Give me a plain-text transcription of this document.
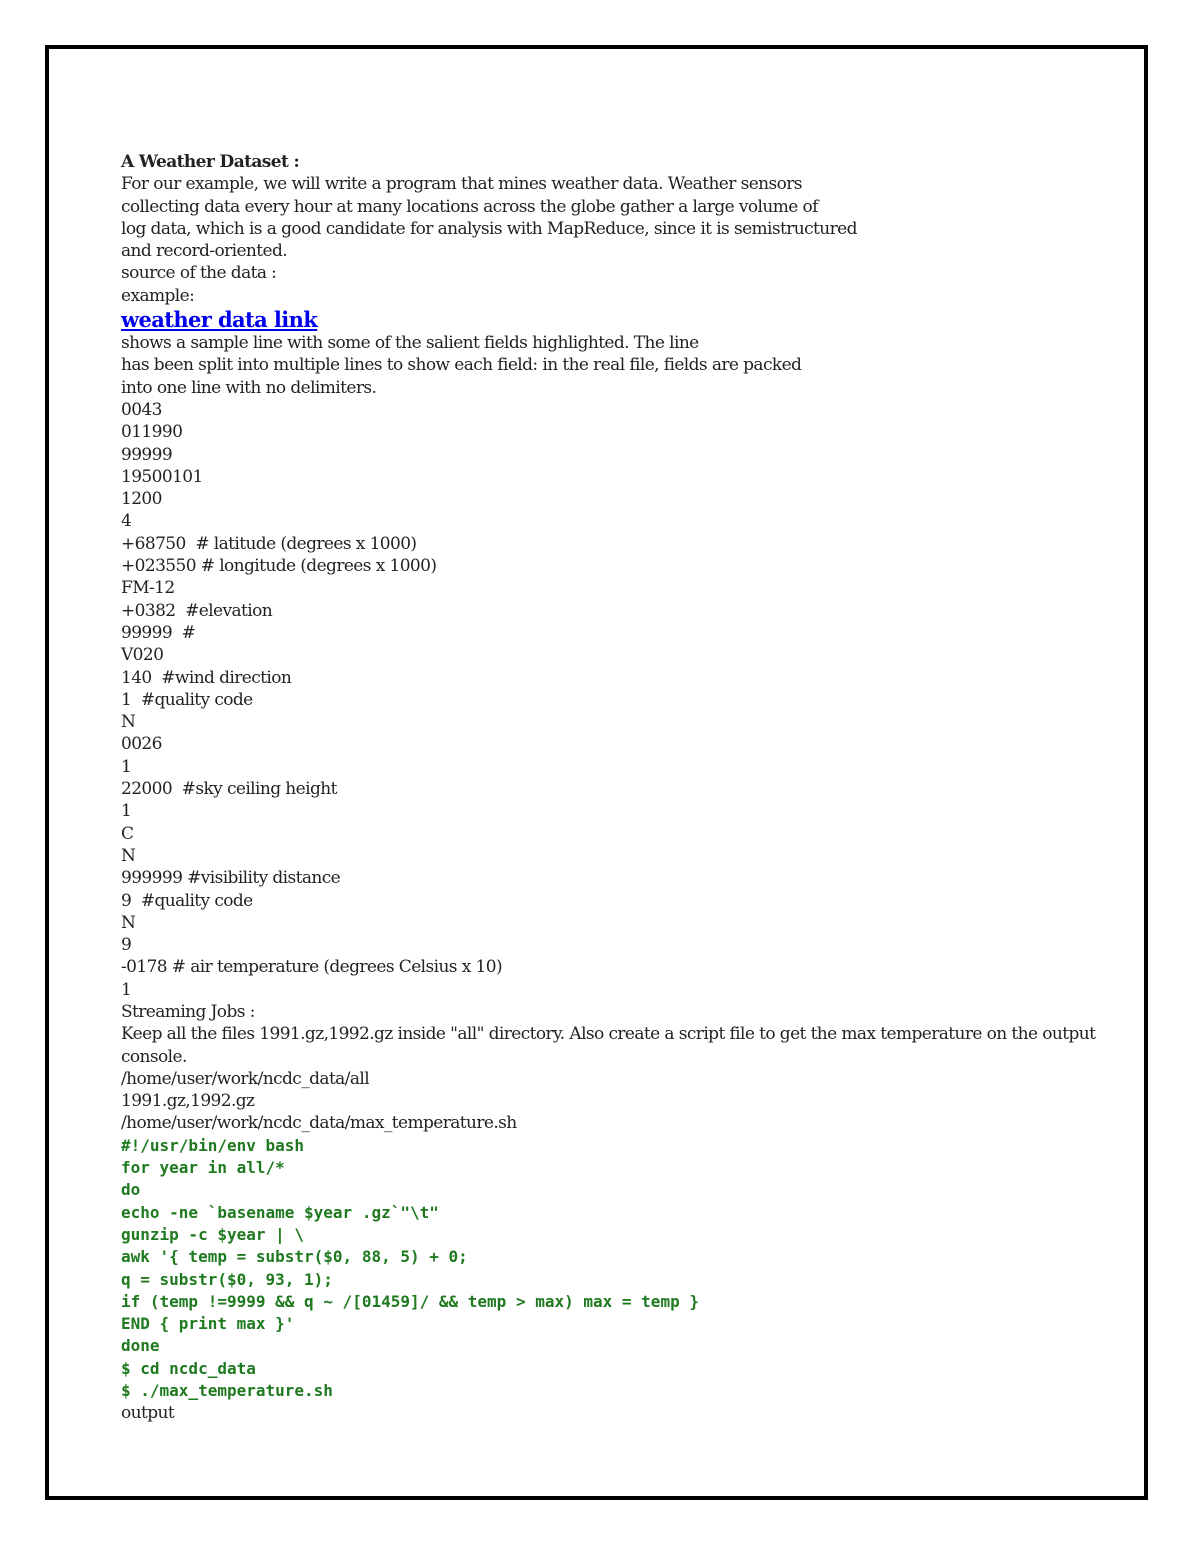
A Weather Dataset :
For our example, we will write a program that mines weather data. Weather sensors
collecting data every hour at many locations across the globe gather a large volume of
log data, which is a good candidate for analysis with MapReduce, since it is semistructured
and record-oriented.
source of the data :
example:
weather data link
shows a sample line with some of the salient fields highlighted. The line
has been split into multiple lines to show each field: in the real file, fields are packed
into one line with no delimiters.
0043
011990
99999
19500101
1200
4
+68750  # latitude (degrees x 1000)
+023550 # longitude (degrees x 1000)
FM-12
+0382  #elevation
99999  #
V020
140  #wind direction
1  #quality code
N
0026
1
22000  #sky ceiling height
1
C
N
999999 #visibility distance
9  #quality code
N
9
-0178 # air temperature (degrees Celsius x 10)
1
Streaming Jobs :
Keep all the files 1991.gz,1992.gz inside "all" directory. Also create a script file to get the max temperature on the output console.
/home/user/work/ncdc_data/all
1991.gz,1992.gz
/home/user/work/ncdc_data/max_temperature.sh
#!/usr/bin/env bash
for year in all/*
do
echo -ne `basename $year .gz`"\t"
gunzip -c $year | \
awk '{ temp = substr($0, 88, 5) + 0;
q = substr($0, 93, 1);
if (temp !=9999 && q ~ /[01459]/ && temp > max) max = temp }
END { print max }'
done
$ cd ncdc_data
$ ./max_temperature.sh
output
